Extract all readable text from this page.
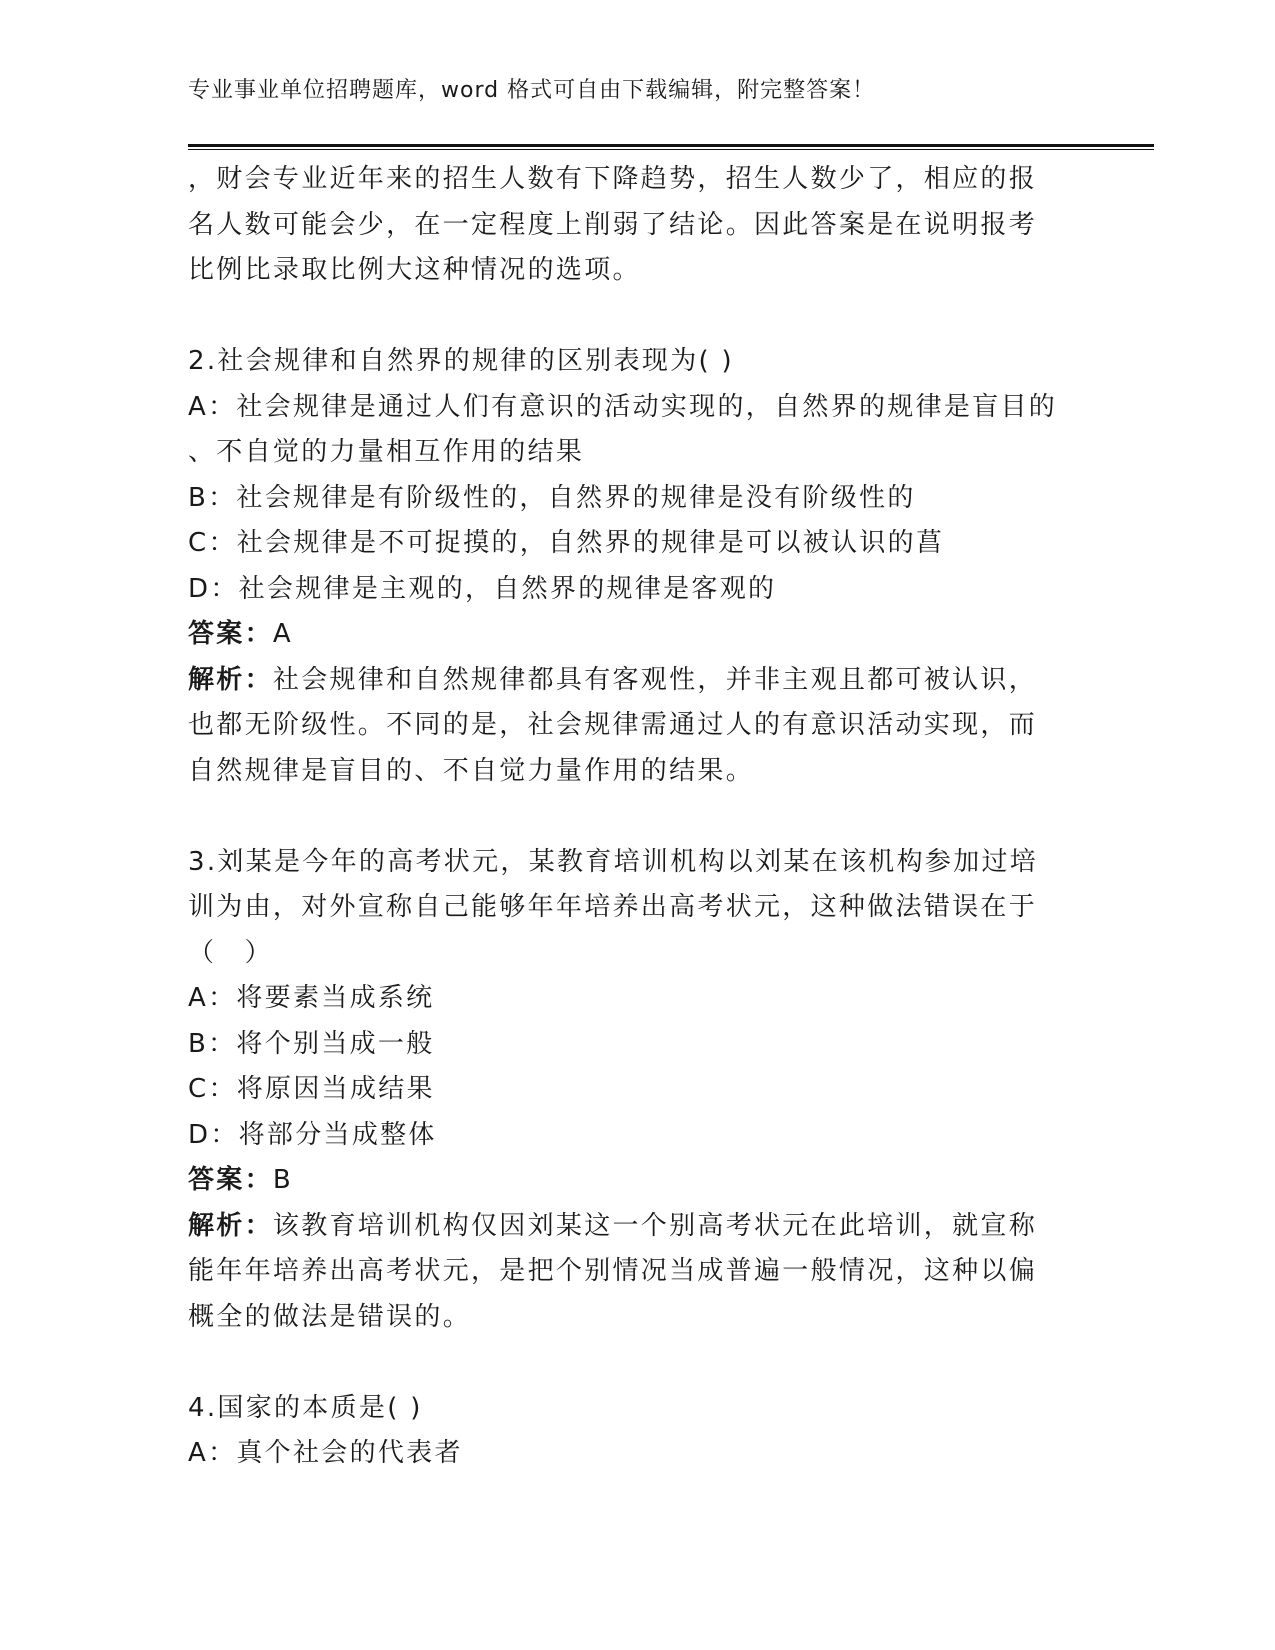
专业事业单位招聘题库，word 格式可自由下载编辑，附完整答案！

，财会专业近年来的招生人数有下降趋势，招生人数少了，相应的报

名人数可能会少，在一定程度上削弱了结论。因此答案是在说明报考

比例比录取比例大这种情况的选项。

2.社会规律和自然界的规律的区别表现为( )

A：社会规律是通过人们有意识的活动实现的，自然界的规律是盲目的

、不自觉的力量相互作用的结果

B：社会规律是有阶级性的，自然界的规律是没有阶级性的

C：社会规律是不可捉摸的，自然界的规律是可以被认识的菖

D：社会规律是主观的，自然界的规律是客观的

答案：A

解析：社会规律和自然规律都具有客观性，并非主观且都可被认识，

也都无阶级性。不同的是，社会规律需通过人的有意识活动实现，而

自然规律是盲目的、不自觉力量作用的结果。

3.刘某是今年的高考状元，某教育培训机构以刘某在该机构参加过培

训为由，对外宣称自己能够年年培养出高考状元，这种做法错误在于

（　）

A：将要素当成系统

B：将个别当成一般

C：将原因当成结果

D：将部分当成整体

答案：B

解析：该教育培训机构仅因刘某这一个别高考状元在此培训，就宣称

能年年培养出高考状元，是把个别情况当成普遍一般情况，这种以偏

概全的做法是错误的。

4.国家的本质是( )

A：真个社会的代表者
